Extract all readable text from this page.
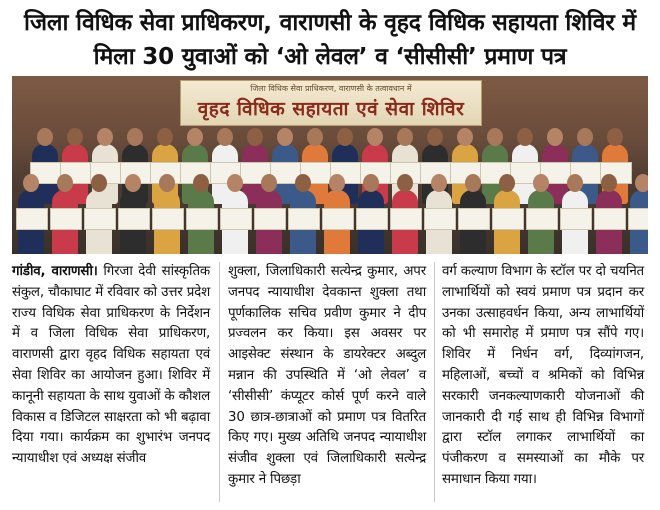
जिला विधिक सेवा प्राधिकरण, वाराणसी के वृहद विधिक सहायता शिविर में
मिला 30 युवाओं को ‘ओ लेवल’ व ‘सीसीसी’ प्रमाण पत्र
जिला विधिक सेवा प्राधिकरण, वाराणसी के तत्वावधान में
वृहद विधिक सहायता एवं सेवा शिविर

गांडीव, वाराणसी। गिरजा देवी सांस्कृतिक संकुल, चौकाघाट में रविवार को उत्तर प्रदेश राज्य विधिक सेवा प्राधिकरण के निर्देशन में व जिला विधिक सेवा प्राधिकरण, वाराणसी द्वारा वृहद विधिक सहायता एवं सेवा शिविर का आयोजन हुआ। शिविर में कानूनी सहायता के साथ युवाओं के कौशल विकास व डिजिटल साक्षरता को भी बढ़ावा दिया गया। कार्यक्रम का शुभारंभ जनपद न्यायाधीश एवं अध्यक्ष संजीव

शुक्ला, जिलाधिकारी सत्येन्द्र कुमार, अपर जनपद न्यायाधीश देवकान्त शुक्ला तथा पूर्णकालिक सचिव प्रवीण कुमार ने दीप प्रज्वलन कर किया। इस अवसर पर आइसेक्ट संस्थान के डायरेक्टर अब्दुल मन्नान की उपस्थिति में ‘ओ लेवल’ व ‘सीसीसी’ कंप्यूटर कोर्स पूर्ण करने वाले 30 छात्र-छात्राओं को प्रमाण पत्र वितरित किए गए। मुख्य अतिथि जनपद न्यायाधीश संजीव शुक्ला एवं जिलाधिकारी सत्येन्द्र कुमार ने पिछड़ा

वर्ग कल्याण विभाग के स्टॉल पर दो चयनित लाभार्थियों को स्वयं प्रमाण पत्र प्रदान कर उनका उत्साहवर्धन किया, अन्य लाभार्थियों को भी समारोह में प्रमाण पत्र सौंपे गए। शिविर में निर्धन वर्ग, दिव्यांगजन, महिलाओं, बच्चों व श्रमिकों को विभिन्न सरकारी जनकल्याणकारी योजनाओं की जानकारी दी गई साथ ही विभिन्न विभागों द्वारा स्टॉल लगाकर लाभार्थियों का पंजीकरण व समस्याओं का मौके पर समाधान किया गया।
